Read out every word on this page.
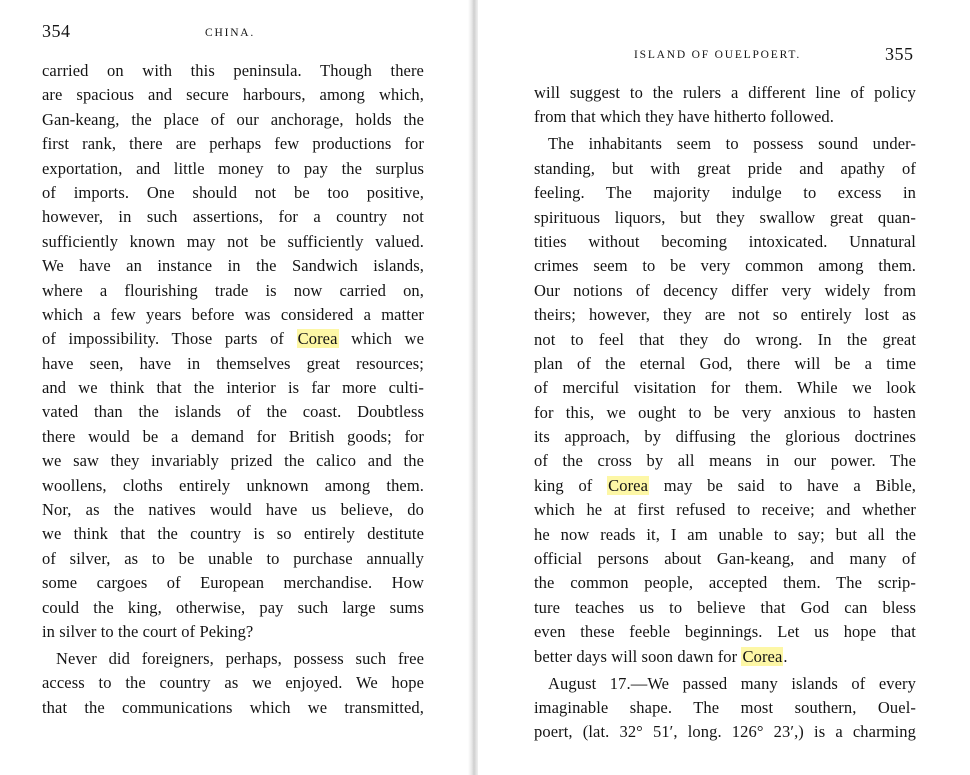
354	CHINA.
carried on with this peninsula. Though there
are spacious and secure harbours, among which,
Gan-keang, the place of our anchorage, holds the
first rank, there are perhaps few productions for
exportation, and little money to pay the surplus
of imports. One should not be too positive,
however, in such assertions, for a country not
sufficiently known may not be sufficiently valued.
We have an instance in the Sandwich islands,
where a flourishing trade is now carried on,
which a few years before was considered a matter
of impossibility. Those parts of Corea which we
have seen, have in themselves great resources;
and we think that the interior is far more culti-
vated than the islands of the coast. Doubtless
there would be a demand for British goods; for
we saw they invariably prized the calico and the
woollens, cloths entirely unknown among them.
Nor, as the natives would have us believe, do
we think that the country is so entirely destitute
of silver, as to be unable to purchase annually
some cargoes of European merchandise. How
could the king, otherwise, pay such large sums
in silver to the court of Peking?
Never did foreigners, perhaps, possess such free
access to the country as we enjoyed. We hope
that the communications which we transmitted,
ISLAND OF OUELPOERT.	355
will suggest to the rulers a different line of policy
from that which they have hitherto followed.
The inhabitants seem to possess sound under-
standing, but with great pride and apathy of
feeling. The majority indulge to excess in
spirituous liquors, but they swallow great quan-
tities without becoming intoxicated. Unnatural
crimes seem to be very common among them.
Our notions of decency differ very widely from
theirs; however, they are not so entirely lost as
not to feel that they do wrong. In the great
plan of the eternal God, there will be a time
of merciful visitation for them. While we look
for this, we ought to be very anxious to hasten
its approach, by diffusing the glorious doctrines
of the cross by all means in our power. The
king of Corea may be said to have a Bible,
which he at first refused to receive; and whether
he now reads it, I am unable to say; but all the
official persons about Gan-keang, and many of
the common people, accepted them. The scrip-
ture teaches us to believe that God can bless
even these feeble beginnings. Let us hope that
better days will soon dawn for Corea.
August 17.—We passed many islands of every
imaginable shape. The most southern, Ouel-
poert, (lat. 32° 51′, long. 126° 23′,) is a charming
